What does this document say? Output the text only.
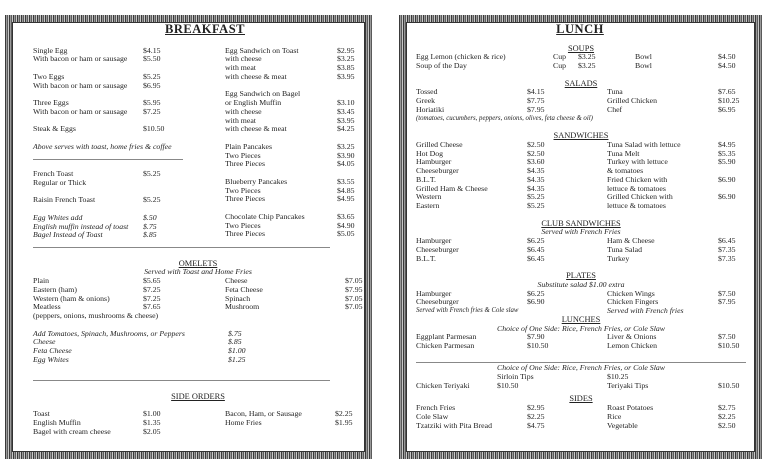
BREAKFAST
Single Egg	$4.15
With bacon or ham or sausage $5.50
Two Eggs	$5.25
With bacon or ham or sausage $6.95
Three Eggs	$5.95
With bacon or ham or sausage $7.25
Steak & Eggs	$10.50
Above serves with toast, home fries & coffee
French Toast	$5.25
Regular or Thick
Raisin French Toast	$5.25
Egg Whites add	$.50
English muffin instead of toast $.75
Bagel Instead of Toast	$.85
Egg Sandwich on Toast	$2.95
with cheese	$3.25
with meat	$3.85
with cheese & meat	$3.95
Egg Sandwich on Bagel
or English Muffin	$3.10
with cheese	$3.45
with meat	$3.95
with cheese & meat	$4.25
Plain Pancakes	$3.25
Two Pieces	$3.90
Three Pieces	$4.05
Blueberry Pancakes	$3.55
Two Pieces	$4.85
Three Pieces	$4.95
Chocolate Chip Pancakes	$3.65
Two Pieces	$4.90
Three Pieces	$5.05
OMELETS
Served with Toast and Home Fries
Plain	$5.65	Cheese	$7.05
Eastern (ham)	$7.25	Feta Cheese	$7.95
Western (ham & onions)	$7.25	Spinach	$7.05
Meatless	$7.65	Mushroom	$7.05
(peppers, onions, mushrooms & cheese)
Add Tomatoes, Spinach, Mushrooms, or Peppers	$.75
Cheese	$.85
Feta Cheese	$1.00
Egg Whites	$1.25
SIDE ORDERS
Toast	$1.00	Bacon, Ham, or Sausage	$2.25
English Muffin	$1.35	Home Fries	$1.95
Bagel with cream cheese	$2.05
LUNCH
SOUPS
Egg Lemon (chicken & rice)	Cup $3.25	Bowl	$4.50
Soup of the Day	Cup $3.25	Bowl	$4.50
SALADS
Tossed	$4.15	Tuna	$7.65
Greek	$7.75	Grilled Chicken	$10.25
Horiatiki	$7.95	Chef	$6.95
(tomatoes, cucumbers, peppers, onions, olives, feta cheese & oil)
SANDWICHES
Grilled Cheese	$2.50	Tuna Salad with lettuce	$4.95
Hot Dog	$2.50	Tuna Melt	$5.35
Hamburger	$3.60	Turkey with lettuce	$5.90
Cheeseburger	$4.35	& tomatoes
B.L.T.	$4.35	Fried Chicken with	$6.90
Grilled Ham & Cheese	$4.35	lettuce & tomatoes
Western	$5.25	Grilled Chicken with	$6.90
Eastern	$5.25	lettuce & tomatoes
CLUB SANDWICHES
Served with French Fries
Hamburger	$6.25	Ham & Cheese	$6.45
Cheeseburger	$6.45	Tuna Salad	$7.35
B.L.T.	$6.45	Turkey	$7.35
PLATES
Substitute salad $1.00 extra
Hamburger	$6.25	Chicken Wings	$7.50
Cheeseburger	$6.90	Chicken Fingers	$7.95
Served with French fries & Cole slaw	Served with French fries
LUNCHES
Choice of One Side: Rice, French Fries, or Cole Slaw
Eggplant Parmesan	$7.90	Liver & Onions	$7.50
Chicken Parmesan	$10.50	Lemon Chicken	$10.50
Choice of One Side: Rice, French Fries, or Cole Slaw
Sirloin Tips	$10.25
Chicken Teriyaki	$10.50	Teriyaki Tips	$10.50
SIDES
French Fries	$2.95	Roast Potatoes	$2.75
Cole Slaw	$2.25	Rice	$2.25
Tzatziki with Pita Bread	$4.75	Vegetable	$2.50
